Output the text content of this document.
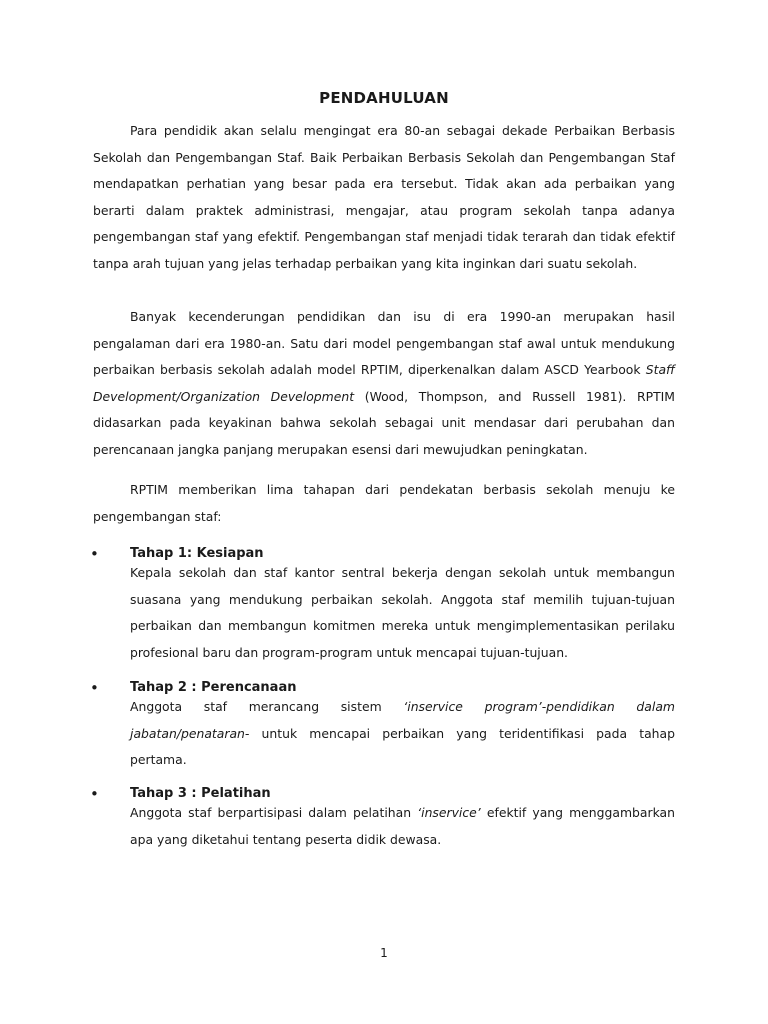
PENDAHULUAN

Para pendidik akan selalu mengingat era 80-an sebagai dekade Perbaikan Berbasis Sekolah dan Pengembangan Staf. Baik Perbaikan Berbasis Sekolah dan Pengembangan Staf mendapatkan perhatian yang besar pada era tersebut. Tidak akan ada perbaikan yang berarti dalam praktek administrasi, mengajar, atau program sekolah tanpa adanya pengembangan staf yang efektif. Pengembangan staf menjadi tidak terarah dan tidak efektif tanpa arah tujuan yang jelas terhadap perbaikan yang kita inginkan dari suatu sekolah.

Banyak kecenderungan pendidikan dan isu di era 1990-an merupakan hasil pengalaman dari era 1980-an. Satu dari model pengembangan staf awal untuk mendukung perbaikan berbasis sekolah adalah model RPTIM, diperkenalkan dalam ASCD Yearbook Staff Development/Organization Development (Wood, Thompson, and Russell 1981). RPTIM didasarkan pada keyakinan bahwa sekolah sebagai unit mendasar dari perubahan dan perencanaan jangka panjang merupakan esensi dari mewujudkan peningkatan.

RPTIM memberikan lima tahapan dari pendekatan berbasis sekolah menuju ke pengembangan staf:

• Tahap 1: Kesiapan

Kepala sekolah dan staf kantor sentral bekerja dengan sekolah untuk membangun suasana yang mendukung perbaikan sekolah. Anggota staf memilih tujuan-tujuan perbaikan dan membangun komitmen mereka untuk mengimplementasikan perilaku profesional baru dan program-program untuk mencapai tujuan-tujuan.

• Tahap 2 : Perencanaan

Anggota staf merancang sistem ‘inservice program’-pendidikan dalam jabatan/penataran- untuk mencapai perbaikan yang teridentifikasi pada tahap pertama.

• Tahap 3 : Pelatihan

Anggota staf berpartisipasi dalam pelatihan ‘inservice’ efektif yang menggambarkan apa yang diketahui tentang peserta didik dewasa.

1
